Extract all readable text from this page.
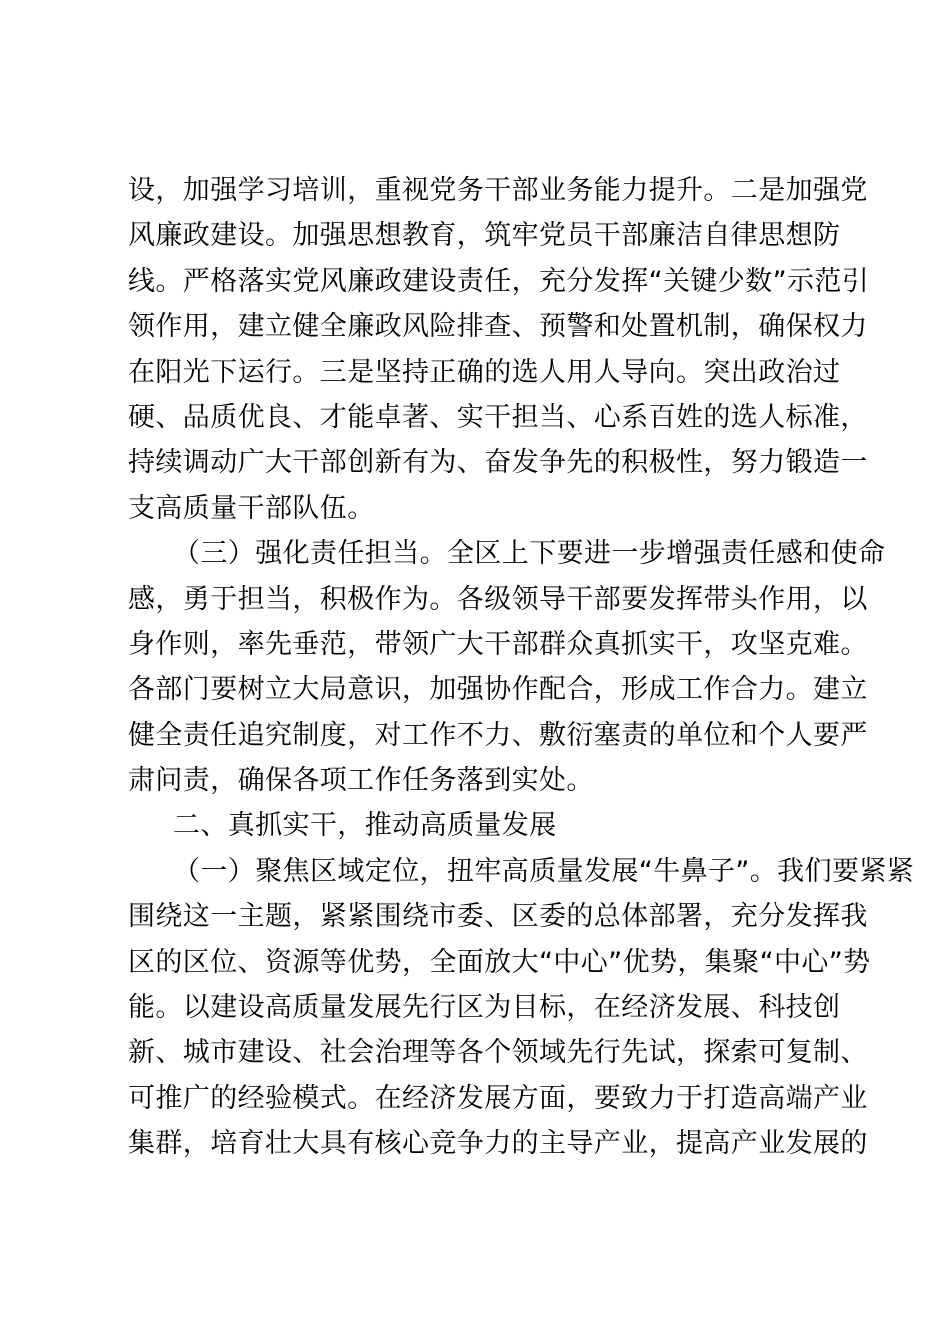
设，加强学习培训，重视党务干部业务能力提升。二是加强党
风廉政建设。加强思想教育，筑牢党员干部廉洁自律思想防
线。严格落实党风廉政建设责任，充分发挥“关键少数”示范引
领作用，建立健全廉政风险排查、预警和处置机制，确保权力
在阳光下运行。三是坚持正确的选人用人导向。突出政治过
硬、品质优良、才能卓著、实干担当、心系百姓的选人标准，
持续调动广大干部创新有为、奋发争先的积极性，努力锻造一
支高质量干部队伍。
（三）强化责任担当。全区上下要进一步增强责任感和使命
感，勇于担当，积极作为。各级领导干部要发挥带头作用，以
身作则，率先垂范，带领广大干部群众真抓实干，攻坚克难。
各部门要树立大局意识，加强协作配合，形成工作合力。建立
健全责任追究制度，对工作不力、敷衍塞责的单位和个人要严
肃问责，确保各项工作任务落到实处。
二、真抓实干，推动高质量发展
（一）聚焦区域定位，扭牢高质量发展“牛鼻子”。我们要紧紧
围绕这一主题，紧紧围绕市委、区委的总体部署，充分发挥我
区的区位、资源等优势，全面放大“中心”优势，集聚“中心”势
能。以建设高质量发展先行区为目标，在经济发展、科技创
新、城市建设、社会治理等各个领域先行先试，探索可复制、
可推广的经验模式。在经济发展方面，要致力于打造高端产业
集群，培育壮大具有核心竞争力的主导产业，提高产业发展的
